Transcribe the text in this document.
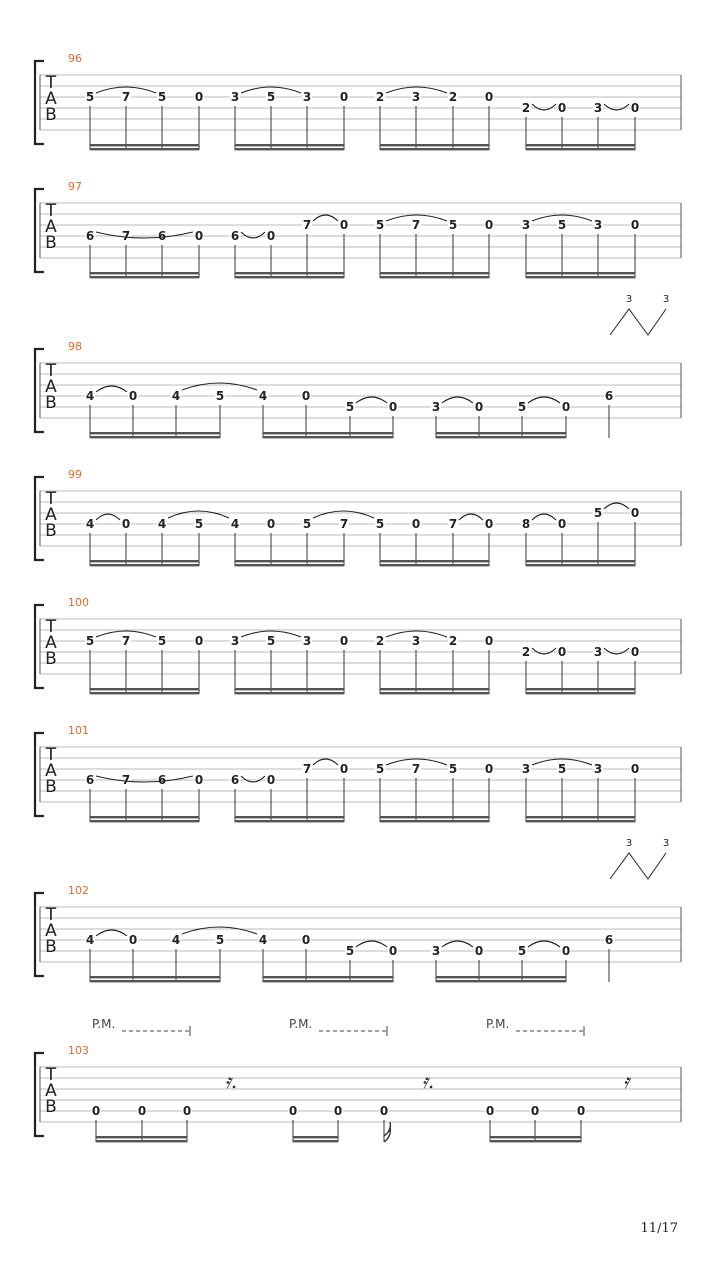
T
A
B
96
5 7 5 0 3 5 3 0 2 3 2 0
2 0 3 0
T
A
B
97
6 7 6 0 6 0
7 0 5 7 5 0 3 5 3 0
T
A
B
98
3	3
4	0	4	5	4	0
5	0	3	0	5	0
6
T
A
B
99
4 0 4 5 4 0 5 7 5 0 7 0 8 0
5 0
T
A
B
100
5 7 5 0 3 5 3 0 2 3 2 0
2 0 3 0
T
A
B
101
6 7 6 0 6 0
7 0 5 7 5 0 3 5 3 0
T
A
B
102
3	3
4	0	4	5	4	0
5	0	3	0	5	0
6
T
A
B
103
P.M.	P.M.	P.M.
0	0	0
𝄿.
0	0	0
𝄿.
0	0	0
𝄿
11/17
